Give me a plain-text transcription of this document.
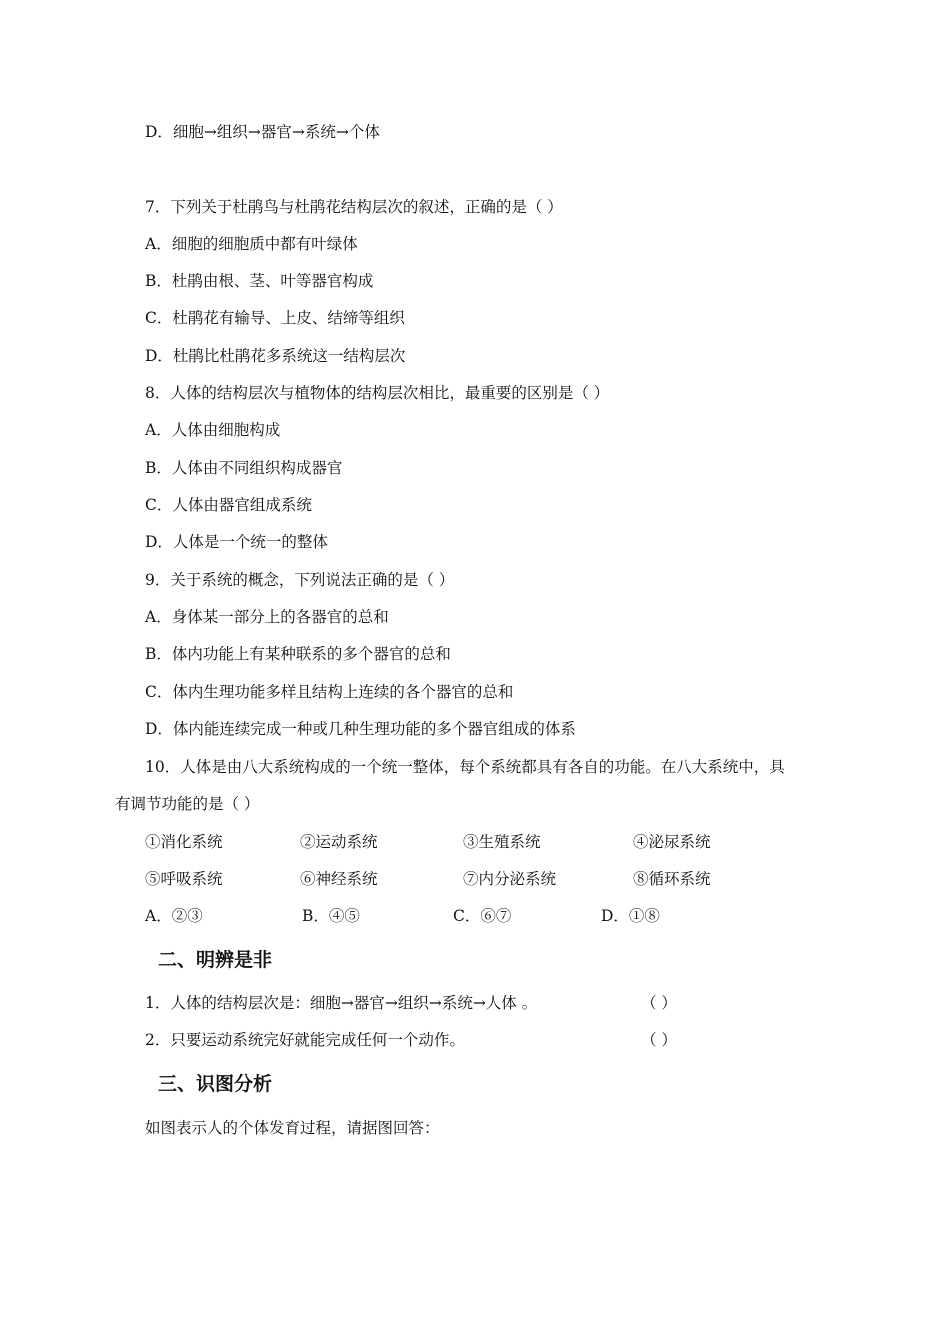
D．细胞→组织→器官→系统→个体
7．下列关于杜鹃鸟与杜鹃花结构层次的叙述，正确的是（ ）
A．细胞的细胞质中都有叶绿体
B．杜鹃由根、茎、叶等器官构成
C．杜鹃花有输导、上皮、结缔等组织
D．杜鹃比杜鹃花多系统这一结构层次
8．人体的结构层次与植物体的结构层次相比，最重要的区别是（ ）
A．人体由细胞构成
B．人体由不同组织构成器官
C．人体由器官组成系统
D．人体是一个统一的整体
9．关于系统的概念，下列说法正确的是（ ）
A．身体某一部分上的各器官的总和
B．体内功能上有某种联系的多个器官的总和
C．体内生理功能多样且结构上连续的各个器官的总和
D．体内能连续完成一种或几种生理功能的多个器官组成的体系
10．人体是由八大系统构成的一个统一整体，每个系统都具有各自的功能。在八大系统中，具
有调节功能的是（ ）
①消化系统	②运动系统	③生殖系统	④泌尿系统
⑤呼吸系统	⑥神经系统	⑦内分泌系统	⑧循环系统
A．②③	B．④⑤	C．⑥⑦	D．①⑧
二、明辨是非
1．人体的结构层次是：细胞→器官→组织→系统→人体 。	（ ）
2．只要运动系统完好就能完成任何一个动作。	（ ）
三、识图分析
如图表示人的个体发育过程，请据图回答：
